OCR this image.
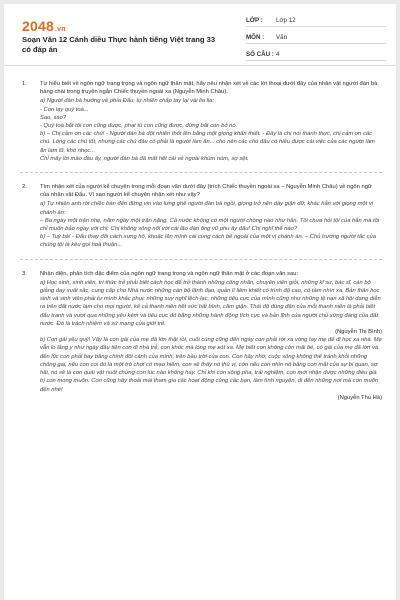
2048.vn
Soạn Văn 12 Cánh diều Thực hành tiếng Việt trang 33 có đáp án
LỚP :	Lớp 12
MÔN :	Văn
SỐ CÂU : 4
1. Tự hiểu biết về ngôn ngữ trang trọng và ngôn ngữ thân mật, hãy nêu nhận xét về các lời thoại dưới đây của nhân vật người đàn bà hàng chài trong truyện ngắn Chiếc thuyền ngoài xa (Nguyễn Minh Châu).
a) Người đàn bà hướng về phía Đẩu, tự nhiên chắp tay lại vái lia lịa:
- Con lạy quý toà...
Sao, sao?
- Quý toà bắt tội con cũng được, phạt tù con cũng được, đừng bắt con bỏ nó.
b) – Chị cảm ơn các chú! - Người đàn bà đột nhiên thốt lên bằng một giọng khẩn thiết. - Đây là chị nói thành thực, chị cảm ơn các chú. Lòng các chú tốt, nhưng các chú đâu có phải là người làm ăn... cho nên các chú đâu có hiểu được cái việc của các người làm ăn lam lũ, khó nhọc...
Chỉ mấy lời mào đầu ấy, người đàn bà đã mất hết cái vẻ ngoài khúm núm, sợ sệt.
2. Tìm nhận xét của người kể chuyện trong mỗi đoạn văn dưới đây (trích Chiếc thuyền ngoài xa – Nguyễn Minh Châu) về ngôn ngữ của nhân vật Đẩu. Vì sao người kể chuyện nhận xét như vậy?
a) Tự nhiên anh rời chiếc bàn đến đứng vịn vào lưng ghế người đàn bà ngồi, giọng trở nên dày giận dữ, khác hẳn với giọng một vị chánh án:
– Ba ngày một trận nhẹ, năm ngày một trận nặng. Cả nước không có một người chồng nào như hắn. Tôi chưa hỏi tội của hắn mà tôi chỉ muốn bảo ngay với chị: Chị không sống nổi với cái lão đàn ông vũ phu ấy đâu! Chị nghĩ thế nào?
b) – Tuỳ bà! - Đẩu thay đổi cách xưng hô, khoác lên mình cái cung cách bề ngoài của một vị chánh án. – Chủ trương người tắc của chúng tôi là kêu gọi hoà thuận...
3. Nhận diện, phân tích đặc điểm của ngôn ngữ trang trọng và ngôn ngữ thân mật ở các đoạn văn sau:
a) Học sinh, sinh viên, trí thức trẻ phải biết cách học để trở thành những công nhân, chuyên viên giỏi, những kĩ sư, bác sĩ, cán bộ giảng dạy xuất sắc, cung cấp cho Nhà nước những cán bộ lãnh đạo, quản lí liêm khiết có trình độ cao, có tầm nhìn xa. Bản thân học sinh và sinh viên phải tự mình khắc phục những suy nghĩ lệch lạc, những tiêu cực của mình cũng như những tệ nạn xã hội đang diễn ra trên đất nước làm cho mọi người, kể cả thanh niên hết sức bất bình, căm giận. Thái độ đúng đắn của mỗi thanh niên là phải biết đấu tranh và vượt qua những yếu kém và tiêu cực đó bằng những hành động tích cực và bản lĩnh của người chủ xứng đáng của đất nước. Đó là trách nhiệm và sứ mạng của giới trẻ.
(Nguyễn Thị Bình)
b) Con gái yêu quý! Vậy là con gái của mẹ đã lớn thật rồi, cuối cùng cũng đến ngày con phải rời xa vòng tay mẹ để đi học xa nhà. Mẹ vẫn lo lắng y như ngày đầu tiên con đi nhà trẻ, con khóc mà lòng mẹ xót xa. Mẹ biết con không còn mãi bé, có gái của mẹ đã lớn và đến lúc con phải bay bằng chính đôi cánh của mình, trên bầu trời của con. Con hãy nhớ, cuộc sống không thể tránh khỏi những chông gai, nếu con coi đó là một trò chơi có mạo hiểm, con sẽ thấy nó thú vị, còn nếu con nhìn nó bằng con mắt của sự bi quan, sợ hãi, nó sẽ là con quái vật nuốt chửng con lúc nào không hay. Chỉ khi con xông pha, trải nghiệm, con mới nhận được những điều giá trị con mong muốn. Con cũng hãy thoải mái tham gia các hoạt động cùng các bạn, làm tình nguyện, đi đến những nơi mà con muốn đến nhé!
(Nguyễn Thu Hà)
